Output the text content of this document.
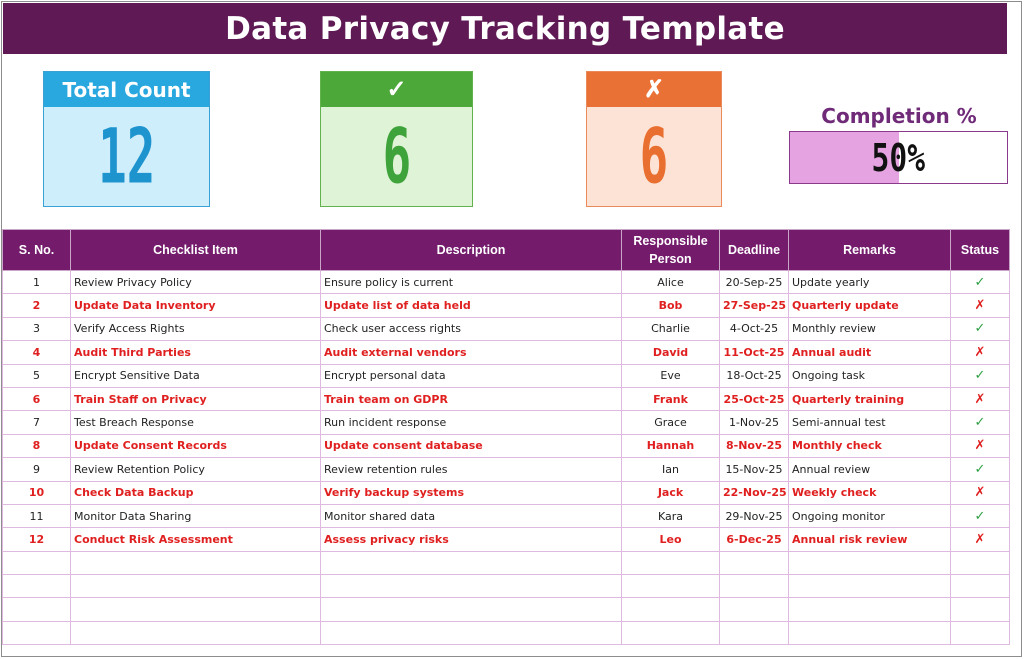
Data Privacy Tracking Template
Total Count
12
✓
6
✗
6	Completion %
50%
S. No.	Checklist Item	Description	Responsible Person	Deadline	Remarks	Status
1	Review Privacy Policy	Ensure policy is current	Alice	20-Sep-25	Update yearly	✓
2	Update Data Inventory	Update list of data held	Bob	27-Sep-25	Quarterly update	✗
3	Verify Access Rights	Check user access rights	Charlie	4-Oct-25	Monthly review	✓
4	Audit Third Parties	Audit external vendors	David	11-Oct-25	Annual audit	✗
5	Encrypt Sensitive Data	Encrypt personal data	Eve	18-Oct-25	Ongoing task	✓
6	Train Staff on Privacy	Train team on GDPR	Frank	25-Oct-25	Quarterly training	✗
7	Test Breach Response	Run incident response	Grace	1-Nov-25	Semi-annual test	✓
8	Update Consent Records	Update consent database	Hannah	8-Nov-25	Monthly check	✗
9	Review Retention Policy	Review retention rules	Ian	15-Nov-25	Annual review	✓
10	Check Data Backup	Verify backup systems	Jack	22-Nov-25	Weekly check	✗
11	Monitor Data Sharing	Monitor shared data	Kara	29-Nov-25	Ongoing monitor	✓
12	Conduct Risk Assessment	Assess privacy risks	Leo	6-Dec-25	Annual risk review	✗
